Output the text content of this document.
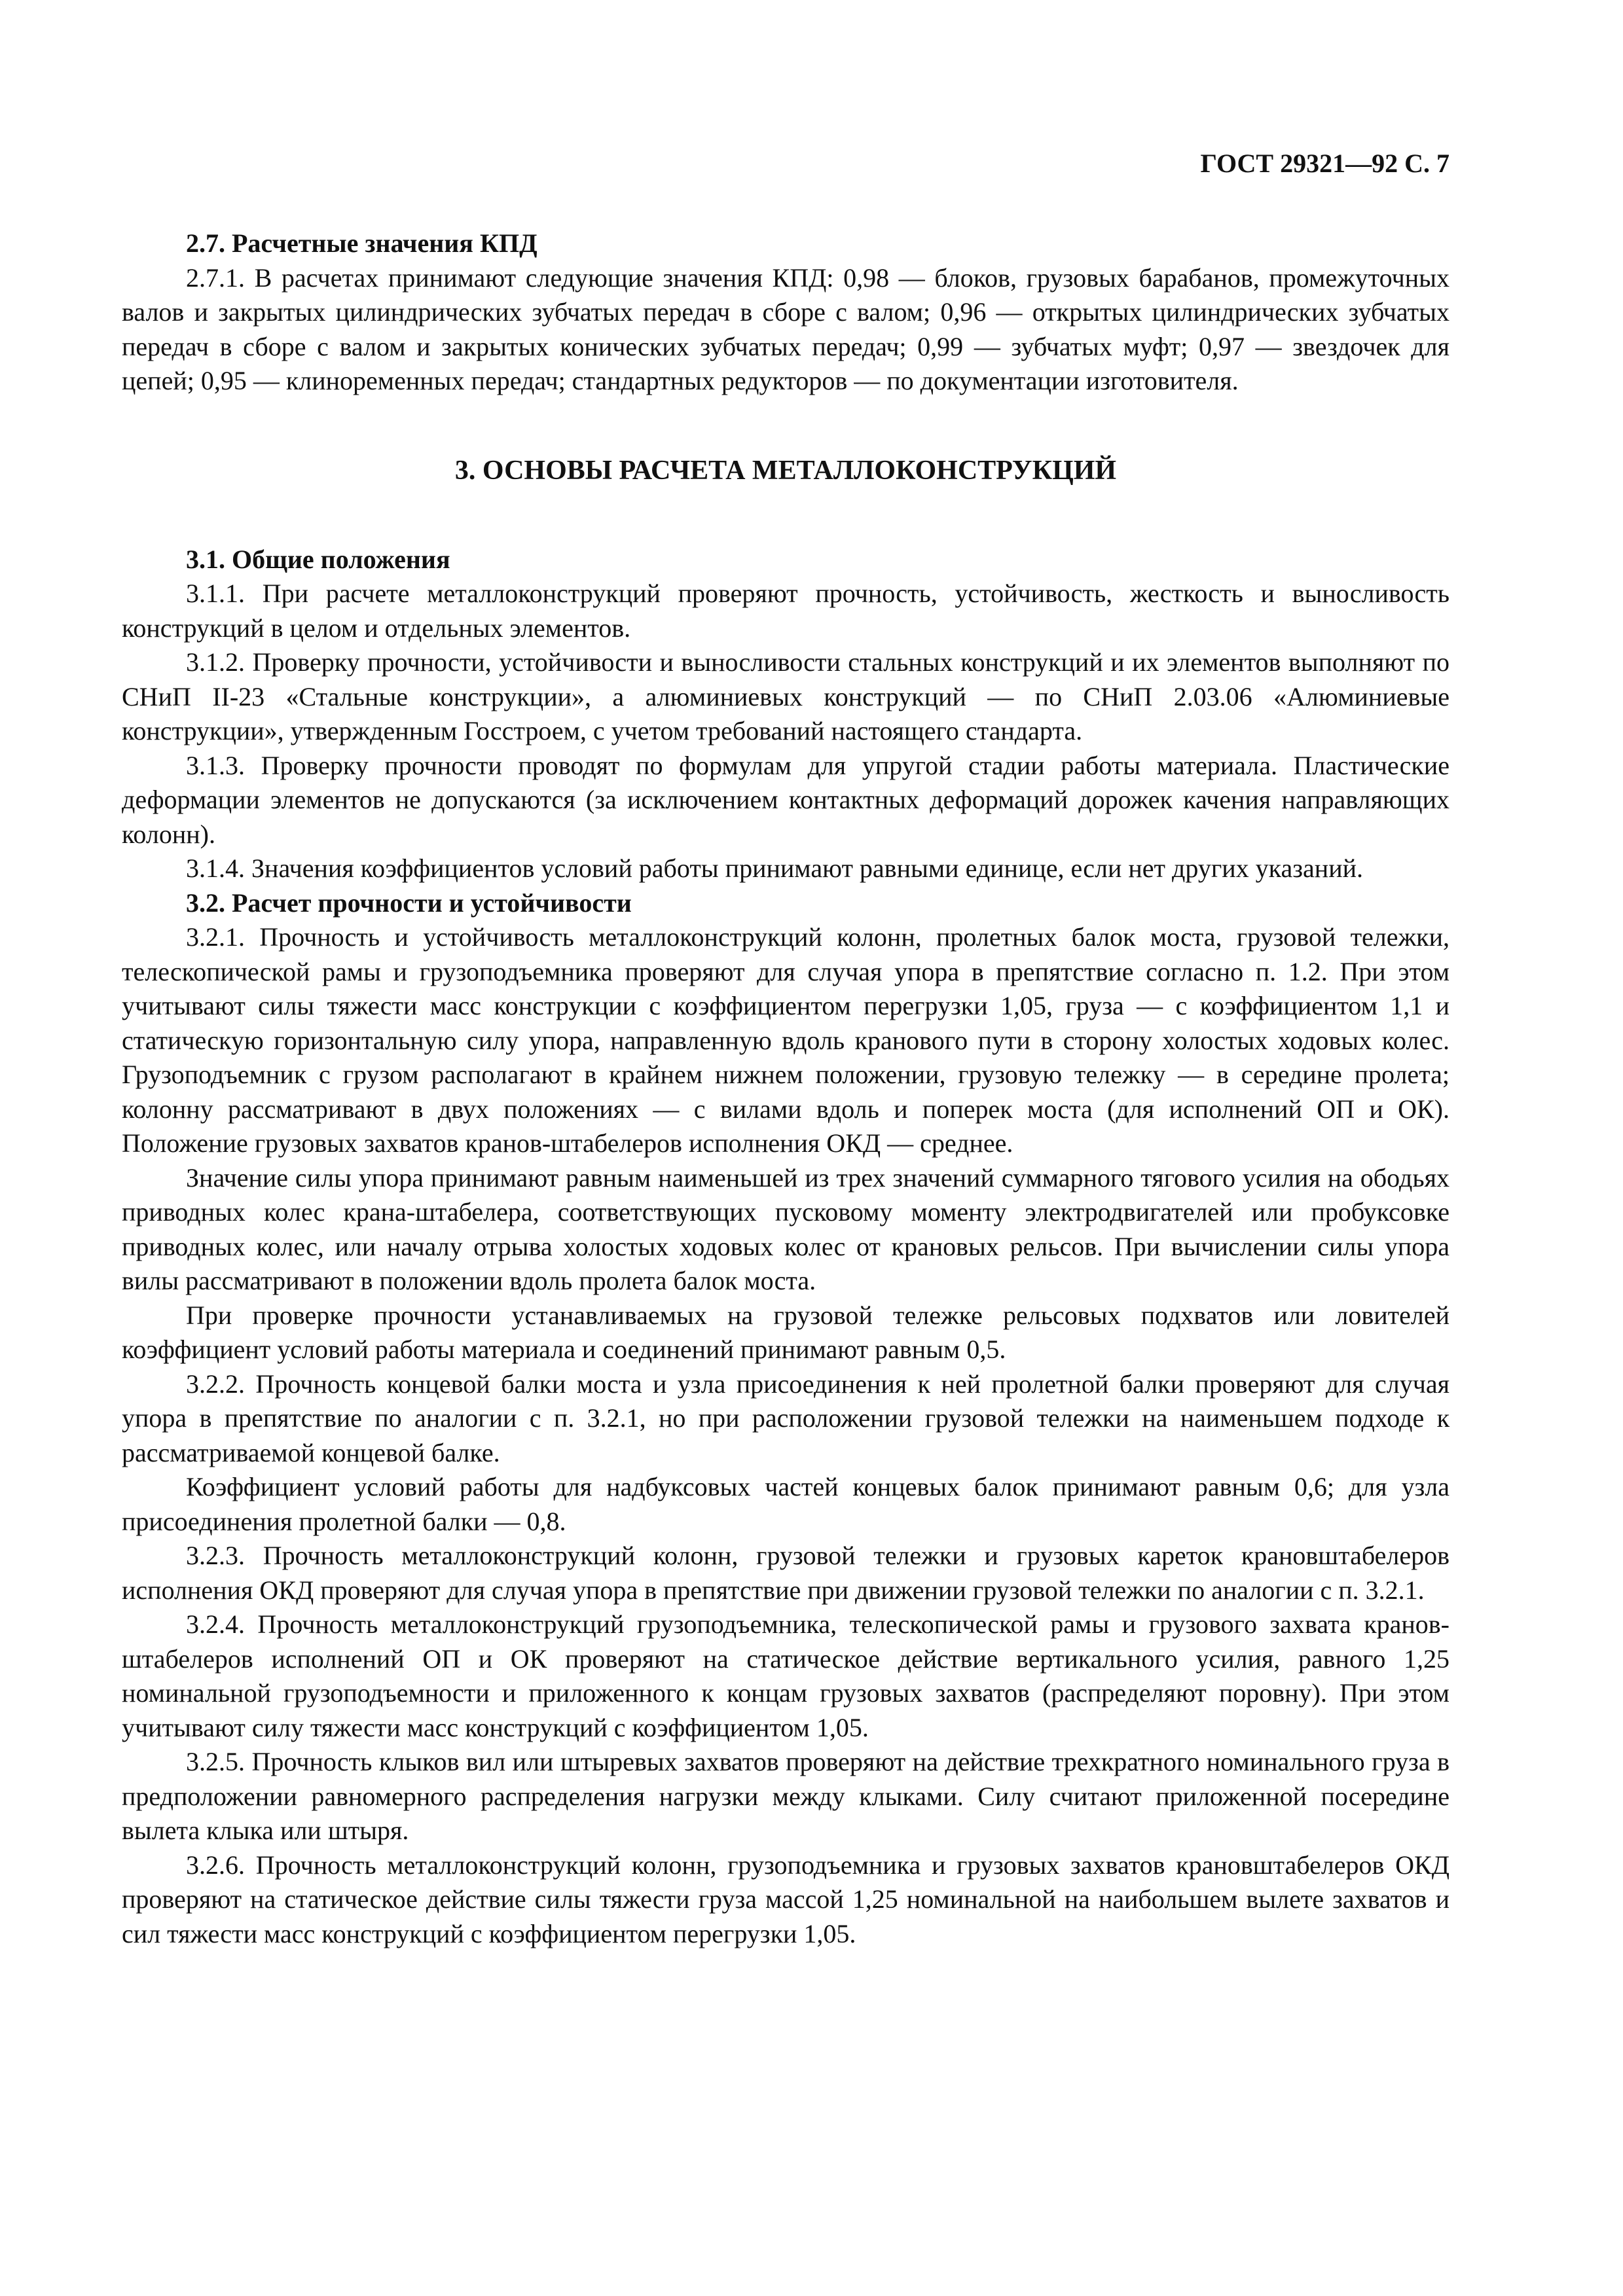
ГОСТ 29321—92 С. 7

2.7. Расчетные значения КПД

2.7.1. В расчетах принимают следующие значения КПД: 0,98 — блоков, грузовых барабанов, промежуточных валов и закрытых цилиндрических зубчатых передач в сборе с валом; 0,96 — открытых цилиндрических зубчатых передач в сборе с валом и закрытых конических зубчатых передач; 0,99 — зубчатых муфт; 0,97 — звездочек для цепей; 0,95 — клиноременных передач; стандартных редукторов — по документации изготовителя.

3. ОСНОВЫ РАСЧЕТА МЕТАЛЛОКОНСТРУКЦИЙ

3.1. Общие положения

3.1.1. При расчете металлоконструкций проверяют прочность, устойчивость, жесткость и выносливость конструкций в целом и отдельных элементов.

3.1.2. Проверку прочности, устойчивости и выносливости стальных конструкций и их элементов выполняют по СНиП II-23 «Стальные конструкции», а алюминиевых конструкций — по СНиП 2.03.06 «Алюминиевые конструкции», утвержденным Госстроем, с учетом требований настоящего стандарта.

3.1.3. Проверку прочности проводят по формулам для упругой стадии работы материала. Пластические деформации элементов не допускаются (за исключением контактных деформаций дорожек качения направляющих колонн).

3.1.4. Значения коэффициентов условий работы принимают равными единице, если нет других указаний.

3.2. Расчет прочности и устойчивости

3.2.1. Прочность и устойчивость металлоконструкций колонн, пролетных балок моста, грузовой тележки, телескопической рамы и грузоподъемника проверяют для случая упора в препятствие согласно п. 1.2. При этом учитывают силы тяжести масс конструкции с коэффициентом перегрузки 1,05, груза — с коэффициентом 1,1 и статическую горизонтальную силу упора, направленную вдоль кранового пути в сторону холостых ходовых колес. Грузоподъемник с грузом располагают в крайнем нижнем положении, грузовую тележку — в середине пролета; колонну рассматривают в двух положениях — с вилами вдоль и поперек моста (для исполнений ОП и ОК). Положение грузовых захватов кранов-штабелеров исполнения ОКД — среднее.

Значение силы упора принимают равным наименьшей из трех значений суммарного тягового усилия на ободьях приводных колес крана-штабелера, соответствующих пусковому моменту электродвигателей или пробуксовке приводных колес, или началу отрыва холостых ходовых колес от крановых рельсов. При вычислении силы упора вилы рассматривают в положении вдоль пролета балок моста.

При проверке прочности устанавливаемых на грузовой тележке рельсовых подхватов или ловителей коэффициент условий работы материала и соединений принимают равным 0,5.

3.2.2. Прочность концевой балки моста и узла присоединения к ней пролетной балки проверяют для случая упора в препятствие по аналогии с п. 3.2.1, но при расположении грузовой тележки на наименьшем подходе к рассматриваемой концевой балке.

Коэффициент условий работы для надбуксовых частей концевых балок принимают равным 0,6; для узла присоединения пролетной балки — 0,8.

3.2.3. Прочность металлоконструкций колонн, грузовой тележки и грузовых кареток крановштабелеров исполнения ОКД проверяют для случая упора в препятствие при движении грузовой тележки по аналогии с п. 3.2.1.

3.2.4. Прочность металлоконструкций грузоподъемника, телескопической рамы и грузового захвата кранов-штабелеров исполнений ОП и ОК проверяют на статическое действие вертикального усилия, равного 1,25 номинальной грузоподъемности и приложенного к концам грузовых захватов (распределяют поровну). При этом учитывают силу тяжести масс конструкций с коэффициентом 1,05.

3.2.5. Прочность клыков вил или штыревых захватов проверяют на действие трехкратного номинального груза в предположении равномерного распределения нагрузки между клыками. Силу считают приложенной посередине вылета клыка или штыря.

3.2.6. Прочность металлоконструкций колонн, грузоподъемника и грузовых захватов крановштабелеров ОКД проверяют на статическое действие силы тяжести груза массой 1,25 номинальной на наибольшем вылете захватов и сил тяжести масс конструкций с коэффициентом перегрузки 1,05.
